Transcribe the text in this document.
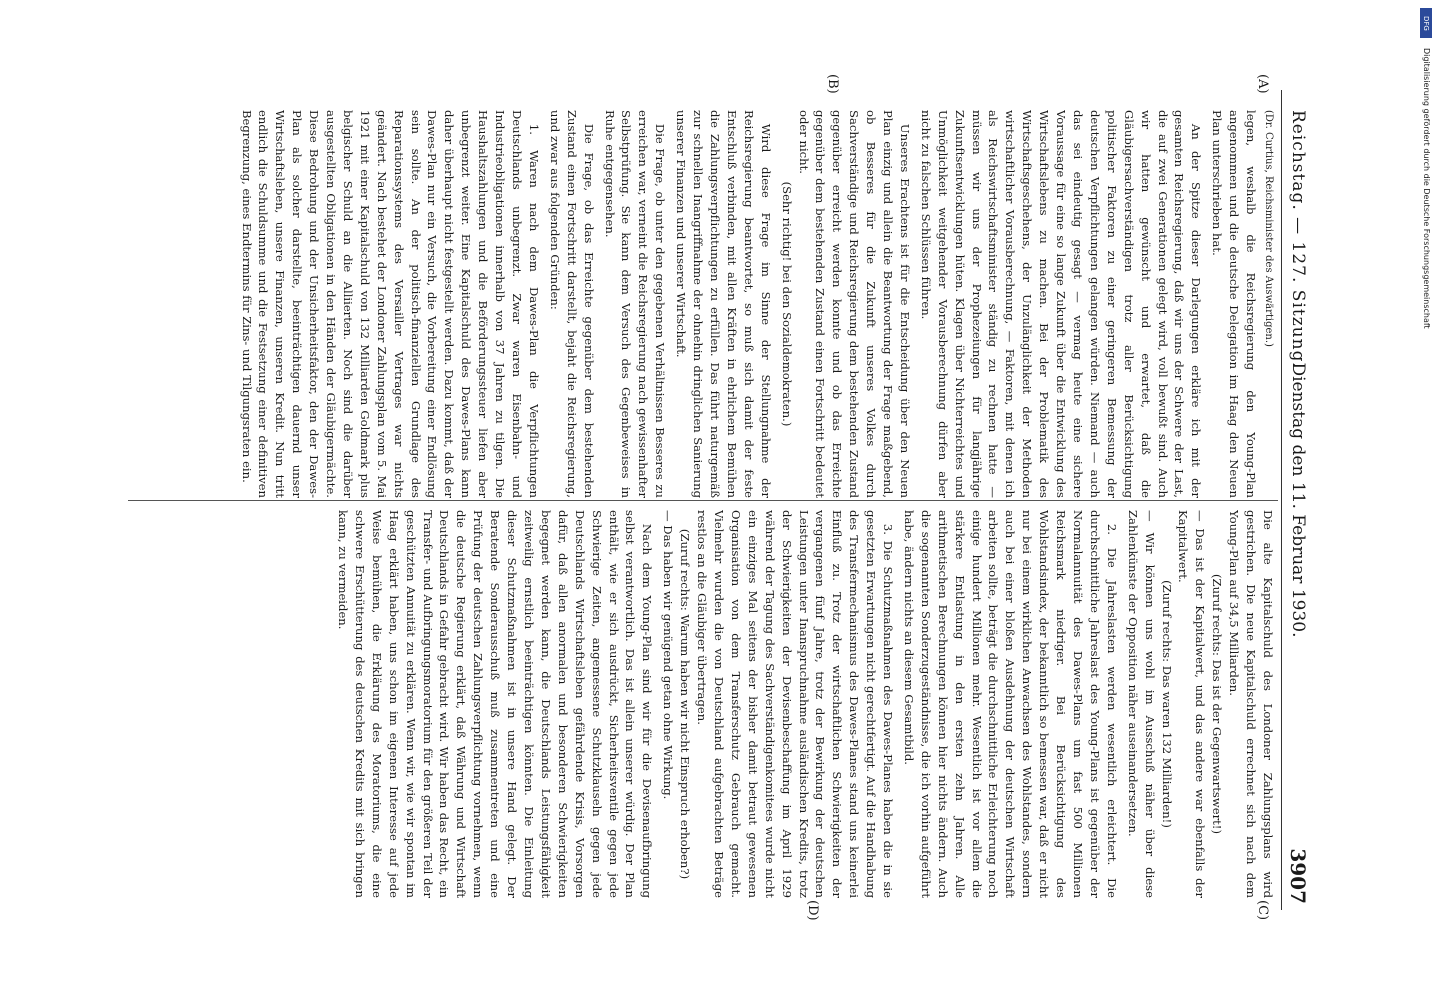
Reichstag. — 127. Sitzung.
Dienstag den 11. Februar 1930.
3907
(A)
(B)
(C)
(D)

(Dr. Curtius, Reichsminister des Auswärtigen.)

legen, weshalb die Reichsregierung den Young-Plan angenommen und die deutsche Delegation im Haag den Neuen Plan unterschrieben hat.

An der Spitze dieser Darlegungen erkläre ich mit der gesamten Reichsregierung, daß wir uns der Schwere der Last, die auf zwei Generationen gelegt wird, voll bewußt sind. Auch wir hatten gewünscht und erwartet, daß die Gläubigersachverständigen trotz aller Berücksichtigung politischer Faktoren zu einer geringeren Bemessung der deutschen Verpflichtungen gelangen würden. Niemand — auch das sei eindeutig gesagt — vermag heute eine sichere Voraussage für eine so lange Zukunft über die Entwicklung des Wirtschaftslebens zu machen. Bei der Problematik des Wirtschaftsgeschehens, der Unzulänglichkeit der Methoden wirtschaftlicher Vorausberechnung, — Faktoren, mit denen ich als Reichswirtschaftsminister ständig zu rechnen hatte — müssen wir uns der Prophezeiungen für langjährige Zukunftsentwicklungen hüten. Klagen über Nichterreichtes und Unmöglichkeit weitgehender Vorausberechnung dürfen aber nicht zu falschen Schlüssen führen.

Unseres Erachtens ist für die Entscheidung über den Neuen Plan einzig und allein die Beantwortung der Frage maßgebend, ob Besseres für die Zukunft unseres Volkes durch Sachverständige und Reichsregierung dem bestehenden Zustand gegenüber erreicht werden konnte und ob das Erreichte gegenüber dem bestehenden Zustand einen Fortschritt bedeutet oder nicht.

(Sehr richtig! bei den Sozialdemokraten.)

Wird diese Frage im Sinne der Stellungnahme der Reichsregierung beantwortet, so muß sich damit der feste Entschluß verbinden, mit allen Kräften in ehrlichem Bemühen die Zahlungsverpflichtungen zu erfüllen. Das führt naturgemäß zur schnellen Inangriffnahme der ohnehin dringlichen Sanierung unserer Finanzen und unserer Wirtschaft.

Die Frage, ob unter den gegebenen Verhältnissen Besseres zu erreichen war, verneint die Reichsregierung nach gewissenhafter Selbstprüfung. Sie kann dem Versuch des Gegenbeweises in Ruhe entgegensehen.

Die Frage, ob das Erreichte gegenüber dem bestehenden Zustand einen Fortschritt darstellt, bejaht die Reichsregierung, und zwar aus folgenden Gründen:

1. Waren nach dem Dawes-Plan die Verpflichtungen Deutschlands unbegrenzt. Zwar waren Eisenbahn- und Industrieobligationen innerhalb von 37 Jahren zu tilgen. Die Haushaltszahlungen und die Beförderungssteuer liefen aber unbegrenzt weiter. Eine Kapitalschuld des Dawes-Plans kann daher überhaupt nicht festgestellt werden. Dazu kommt, daß der Dawes-Plan nur ein Versuch, die Vorbereitung einer Endlösung sein sollte. An der politisch-finanziellen Grundlage des Reparationssystems des Versailler Vertrages war nichts geändert. Nach bestehet der Londoner Zahlungsplan vom 5. Mai 1921 mit einer Kapitalschuld von 132 Milliarden Goldmark plus belgischer Schuld an die Alliierten. Noch sind die darüber ausgestellten Obligationen in den Händen der Gläubigermächte. Diese Bedrohung und der Unsicherheitsfaktor, den der Dawes-Plan als solcher darstellte, beeinträchtigen dauernd unser Wirtschaftsleben, unsere Finanzen, unseren Kredit. Nun tritt endlich die Schuldsumme und die Festsetzung einer definitiven Begrenzung, eines Endtermins für Zins- und Tilgungsraten ein.

Die alte Kapitalschuld des Londoner Zahlungsplans wird gestrichen. Die neue Kapitalschuld errechnet sich nach dem Young-Plan auf 34,5 Milliarden.

(Zuruf rechts: Das ist der Gegenwartswert!)

— Das ist der Kapitalwert, und das andere war ebenfalls der Kapitalwert.

(Zuruf rechts: Das waren 132 Milliarden!)

— Wir können uns wohl im Ausschuß näher über diese Zahlenkünste der Opposition näher auseinandersetzen.

2. Die Jahreslasten werden wesentlich erleichtert. Die durchschnittliche Jahreslast des Young-Plans ist gegenüber der Normalannuität des Dawes-Plans um fast 500 Millionen Reichsmark niedriger. Bei Berücksichtigung des Wohlstandsindex, der bekanntlich so bemessen war, daß er nicht nur bei einem wirklichen Anwachsen des Wohlstandes, sondern auch bei einer bloßen Ausdehnung der deutschen Wirtschaft arbeiten sollte, beträgt die durchschnittliche Erleichterung noch einige hundert Millionen mehr. Wesentlich ist vor allem die stärkere Entlastung in den ersten zehn Jahren. Alle arithmetischen Berechnungen können hier nichts ändern. Auch die sogenannten Sonderzugeständnisse, die ich vorhin aufgeführt habe, ändern nichts an diesem Gesamtbild.

3. Die Schutzmaßnahmen des Dawes-Planes haben die in sie gesetzten Erwartungen nicht gerechtfertigt. Auf die Handhabung des Transfermechanismus des Dawes-Planes stand uns keinerlei Einfluß zu. Trotz der wirtschaftlichen Schwierigkeiten der vergangenen fünf Jahre, trotz der Bewirkung der deutschen Leistungen unter Inanspruchnahme ausländischen Kredits, trotz der Schwierigkeiten der Devisenbeschaffung im April 1929 während der Tagung des Sachverständigenkomitees wurde nicht ein einziges Mal seitens der bisher damit betraut gewesenen Organisation von dem Transferschutz Gebrauch gemacht. Vielmehr wurden die von Deutschland aufgebrachten Beträge restlos an die Gläubiger übertragen.

(Zuruf rechts: Warum haben wir nicht Einspruch erhoben?)

— Das haben wir genügend getan ohne Wirkung.

Nach dem Young-Plan sind wir für die Devisenaufbringung selbst verantwortlich. Das ist allein unserer würdig. Der Plan enthält, wie er sich ausdrückt, Sicherheitsventile gegen jede Schwierige Zeiten, angemessene Schutzklauseln gegen jede Deutschlands Wirtschaftsleben gefährdende Krisis, Vorsorgen dafür, daß allen anormalen und besonderen Schwierigkeiten begegnet werden kann, die Deutschlands Leistungsfähigkeit zeitweilig ernstlich beeinträchtigen könnten. Die Einleitung dieser Schutzmaßnahmen ist in unsere Hand gelegt. Der Beratende Sonderausschuß muß zusammentreten und eine Prüfung der deutschen Zahlungsverpflichtung vornehmen, wenn die deutsche Regierung erklärt, daß Währung und Wirtschaft Deutschlands in Gefahr gebracht wird. Wir haben das Recht, ein Transfer- und Aufbringungsmoratorium für den größeren Teil der geschützten Annuität zu erklären. Wenn wir, wie wir spontan im Haag erklärt haben, uns schon im eigenen Interesse auf jede Weise bemühen, die Erklärung des Moratoriums, die eine schwere Erschütterung des deutschen Kredits mit sich bringen kann, zu vermeiden.

DFG
Digitalisierung gefördert durch die Deutsche Forschungsgemeinschaft
